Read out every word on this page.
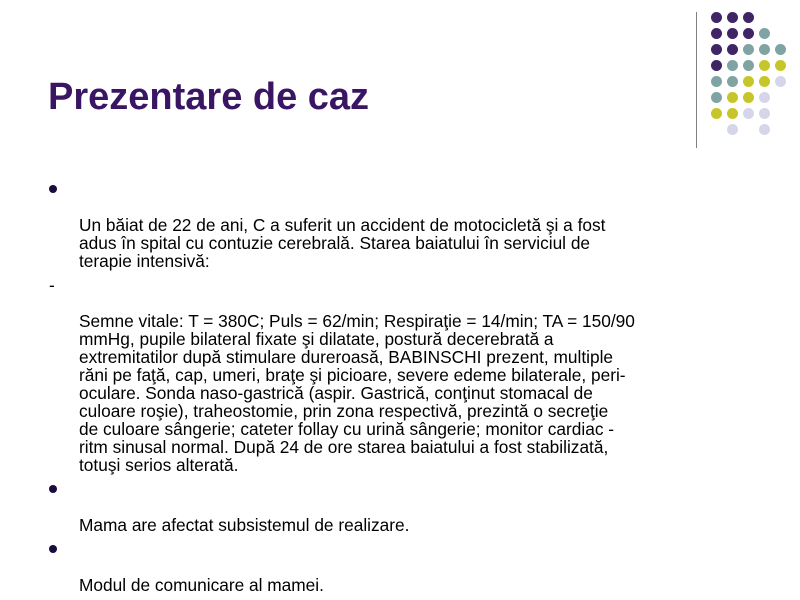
Prezentare de caz

Un băiat de 22 de ani, C a suferit un accident de motocicletă şi a fost
adus în spital cu contuzie cerebrală. Starea baiatului în serviciul de
terapie intensivă:

-

Semne vitale: T = 380C; Puls = 62/min; Respiraţie = 14/min; TA = 150/90
mmHg, pupile bilateral fixate şi dilatate, postură decerebrată a
extremitatilor după stimulare dureroasă, BABINSCHI prezent, multiple
răni pe faţă, cap, umeri, braţe şi picioare, severe edeme bilaterale, peri-
oculare. Sonda naso-gastrică (aspir. Gastrică, conţinut stomacal de
culoare roşie), traheostomie, prin zona respectivă, prezintă o secreţie
de culoare sângerie; cateter follay cu urină sângerie; monitor cardiac -
ritm sinusal normal. După 24 de ore starea baiatului a fost stabilizată,
totuşi serios alterată.

Mama are afectat subsistemul de realizare.

Modul de comunicare al mamei.
